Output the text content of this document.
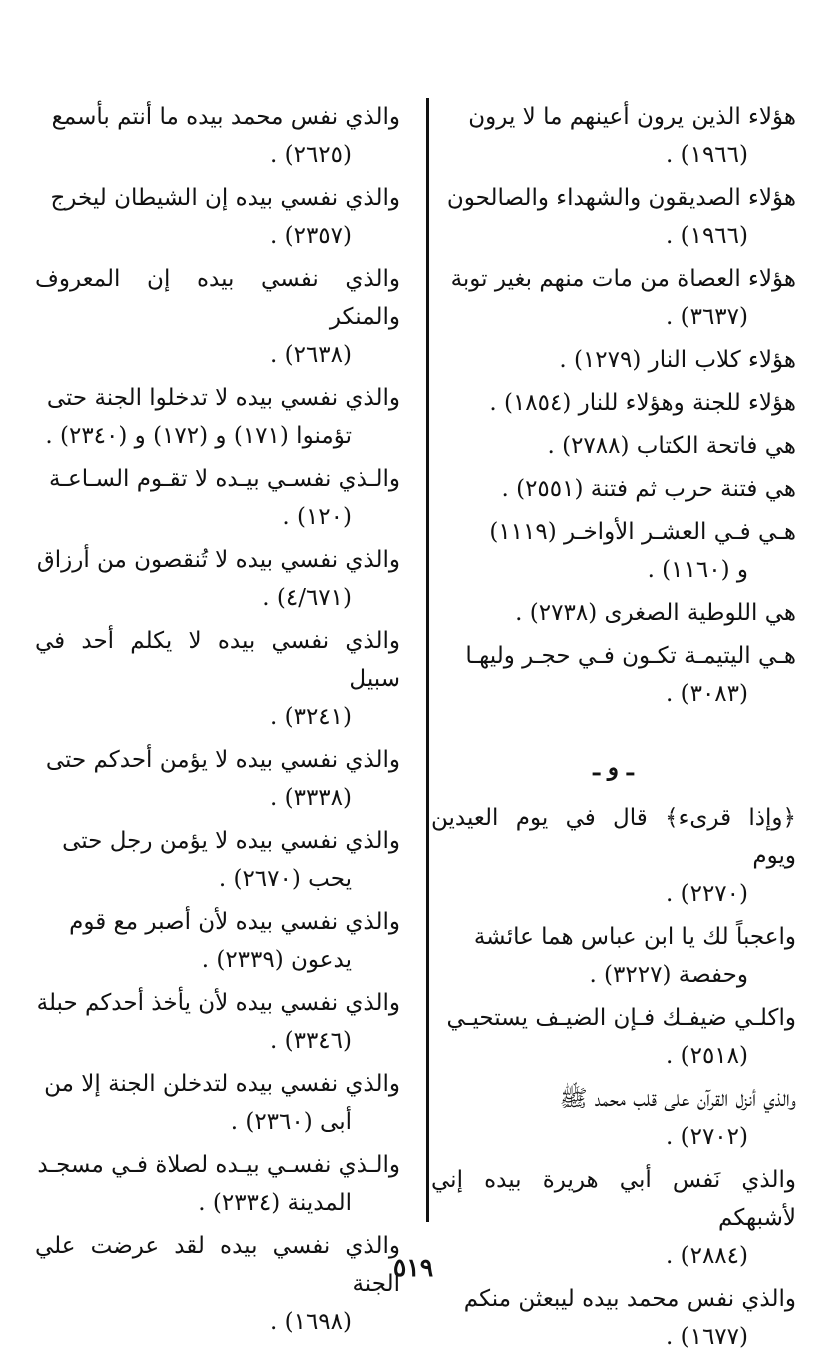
هؤلاء الذين يرون أعينهم ما لا يرون
(١٩٦٦) .
هؤلاء الصديقون والشهداء والصالحون
(١٩٦٦) .
هؤلاء العصاة من مات منهم بغير توبة
(٣٦٣٧) .
هؤلاء كلاب النار (١٢٧٩) .
هؤلاء للجنة وهؤلاء للنار (١٨٥٤) .
هي فاتحة الكتاب (٢٧٨٨) .
هي فتنة حرب ثم فتنة (٢٥٥١) .
هـي فـي العشـر الأواخـر (١١١٩)
و (١١٦٠) .
هي اللوطية الصغرى (٢٧٣٨) .
هـي اليتيمـة تكـون فـي حجـر وليهـا
(٣٠٨٣) .
ـ و ـ
﴿وإذا قرىء﴾ قال في يوم العيدين ويوم
(٢٢٧٠) .
واعجباً لك يا ابن عباس هما عائشة
وحفصة (٣٢٢٧) .
واكلـي ضيفـك فـإن الضيـف يستحيـي
(٢٥١٨) .
والذي أنزل القرآن على قلب محمد ﷺ
(٢٧٠٢) .
والذي نَفس أبي هريرة بيده إني لأشبهكم
(٢٨٨٤) .
والذي نفس محمد بيده ليبعثن منكم
(١٦٧٧) .
والذي نفس محمد بيده ما أنتم بأسمع
(٢٦٢٥) .
والذي نفسي بيده إن الشيطان ليخرج
(٢٣٥٧) .
والذي نفسي بيده إن المعروف والمنكر
(٢٦٣٨) .
والذي نفسي بيده لا تدخلوا الجنة حتى
تؤمنوا (١٧١) و (١٧٢) و (٢٣٤٠) .
والـذي نفسـي بيـده لا تقـوم السـاعـة
(١٢٠) .
والذي نفسي بيده لا تُنقصون من أرزاق
(٤/٦٧١) .
والذي نفسي بيده لا يكلم أحد في سبيل
(٣٢٤١) .
والذي نفسي بيده لا يؤمن أحدكم حتى
(٣٣٣٨) .
والذي نفسي بيده لا يؤمن رجل حتى
يحب (٢٦٧٠) .
والذي نفسي بيده لأن أصبر مع قوم
يدعون (٢٣٣٩) .
والذي نفسي بيده لأن يأخذ أحدكم حبلة
(٣٣٤٦) .
والذي نفسي بيده لتدخلن الجنة إلا من
أبى (٢٣٦٠) .
والـذي نفسـي بيـده لصلاة فـي مسجـد
المدينة (٢٣٣٤) .
والذي نفسي بيده لقد عرضت علي الجنة
(١٦٩٨) .
٥١٩
